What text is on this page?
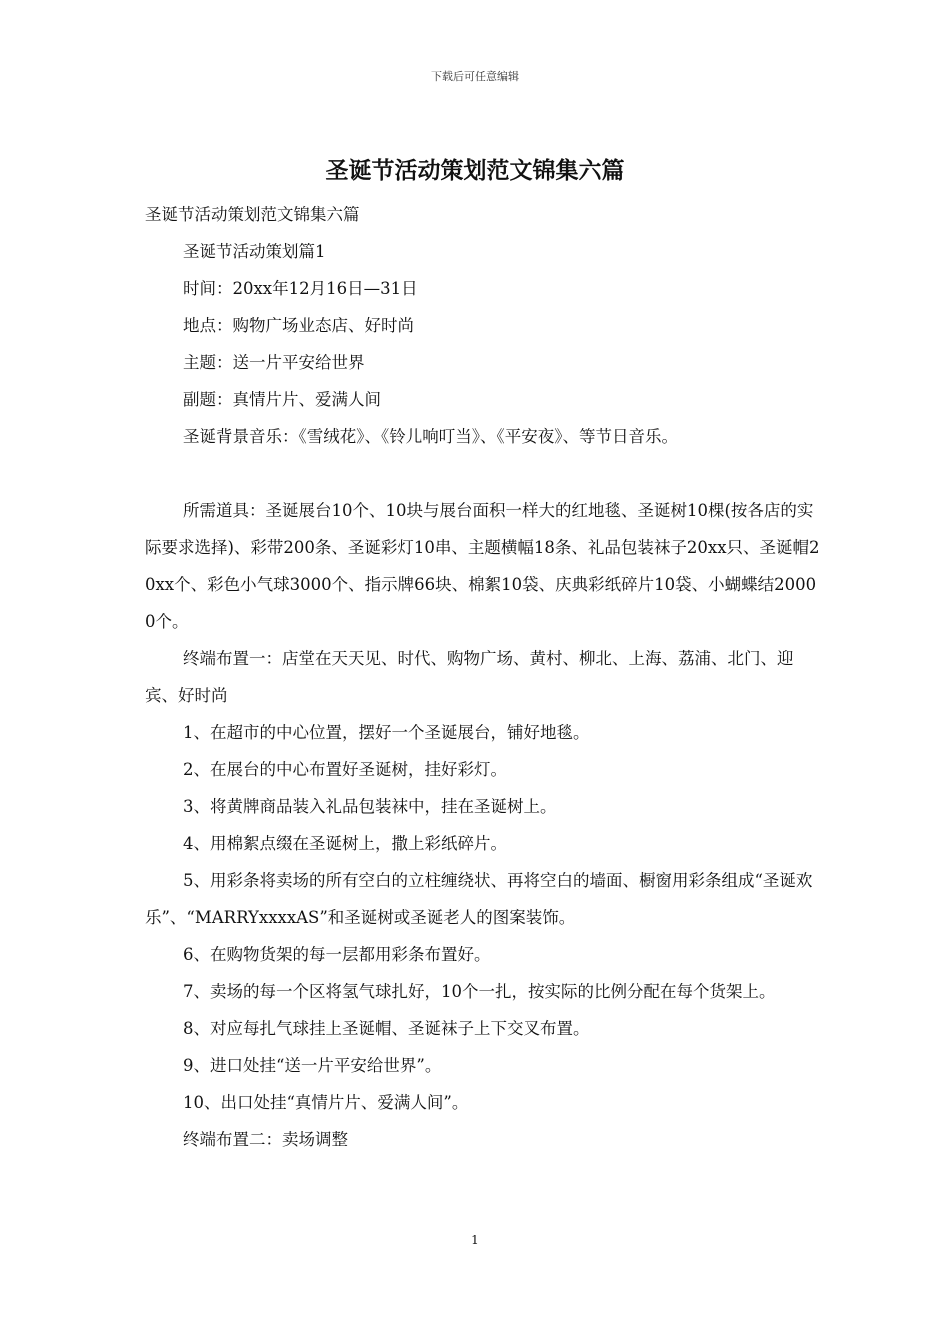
下载后可任意编辑
圣诞节活动策划范文锦集六篇

圣诞节活动策划范文锦集六篇

圣诞节活动策划篇1

时间：20xx年12月16日—31日

地点：购物广场业态店、好时尚

主题：送一片平安给世界

副题：真情片片、爱满人间

圣诞背景音乐：《雪绒花》、《铃儿响叮当》、《平安夜》、等节日音乐。

所需道具：圣诞展台10个、10块与展台面积一样大的红地毯、圣诞树10棵(按各店的实际要求选择)、彩带200条、圣诞彩灯10串、主题横幅18条、礼品包装袜子20xx只、圣诞帽20xx个、彩色小气球3000个、指示牌66块、棉絮10袋、庆典彩纸碎片10袋、小蝴蝶结20000个。

终端布置一：店堂在天天见、时代、购物广场、黄村、柳北、上海、荔浦、北门、迎宾、好时尚

1、在超市的中心位置，摆好一个圣诞展台，铺好地毯。

2、在展台的中心布置好圣诞树，挂好彩灯。

3、将黄牌商品装入礼品包装袜中，挂在圣诞树上。

4、用棉絮点缀在圣诞树上，撒上彩纸碎片。

5、用彩条将卖场的所有空白的立柱缠绕状、再将空白的墙面、橱窗用彩条组成“圣诞欢乐”、“MARRYxxxxAS”和圣诞树或圣诞老人的图案装饰。

6、在购物货架的每一层都用彩条布置好。

7、卖场的每一个区将氢气球扎好，10个一扎，按实际的比例分配在每个货架上。

8、对应每扎气球挂上圣诞帽、圣诞袜子上下交叉布置。

9、进口处挂“送一片平安给世界”。

10、出口处挂“真情片片、爱满人间”。

终端布置二：卖场调整

1
